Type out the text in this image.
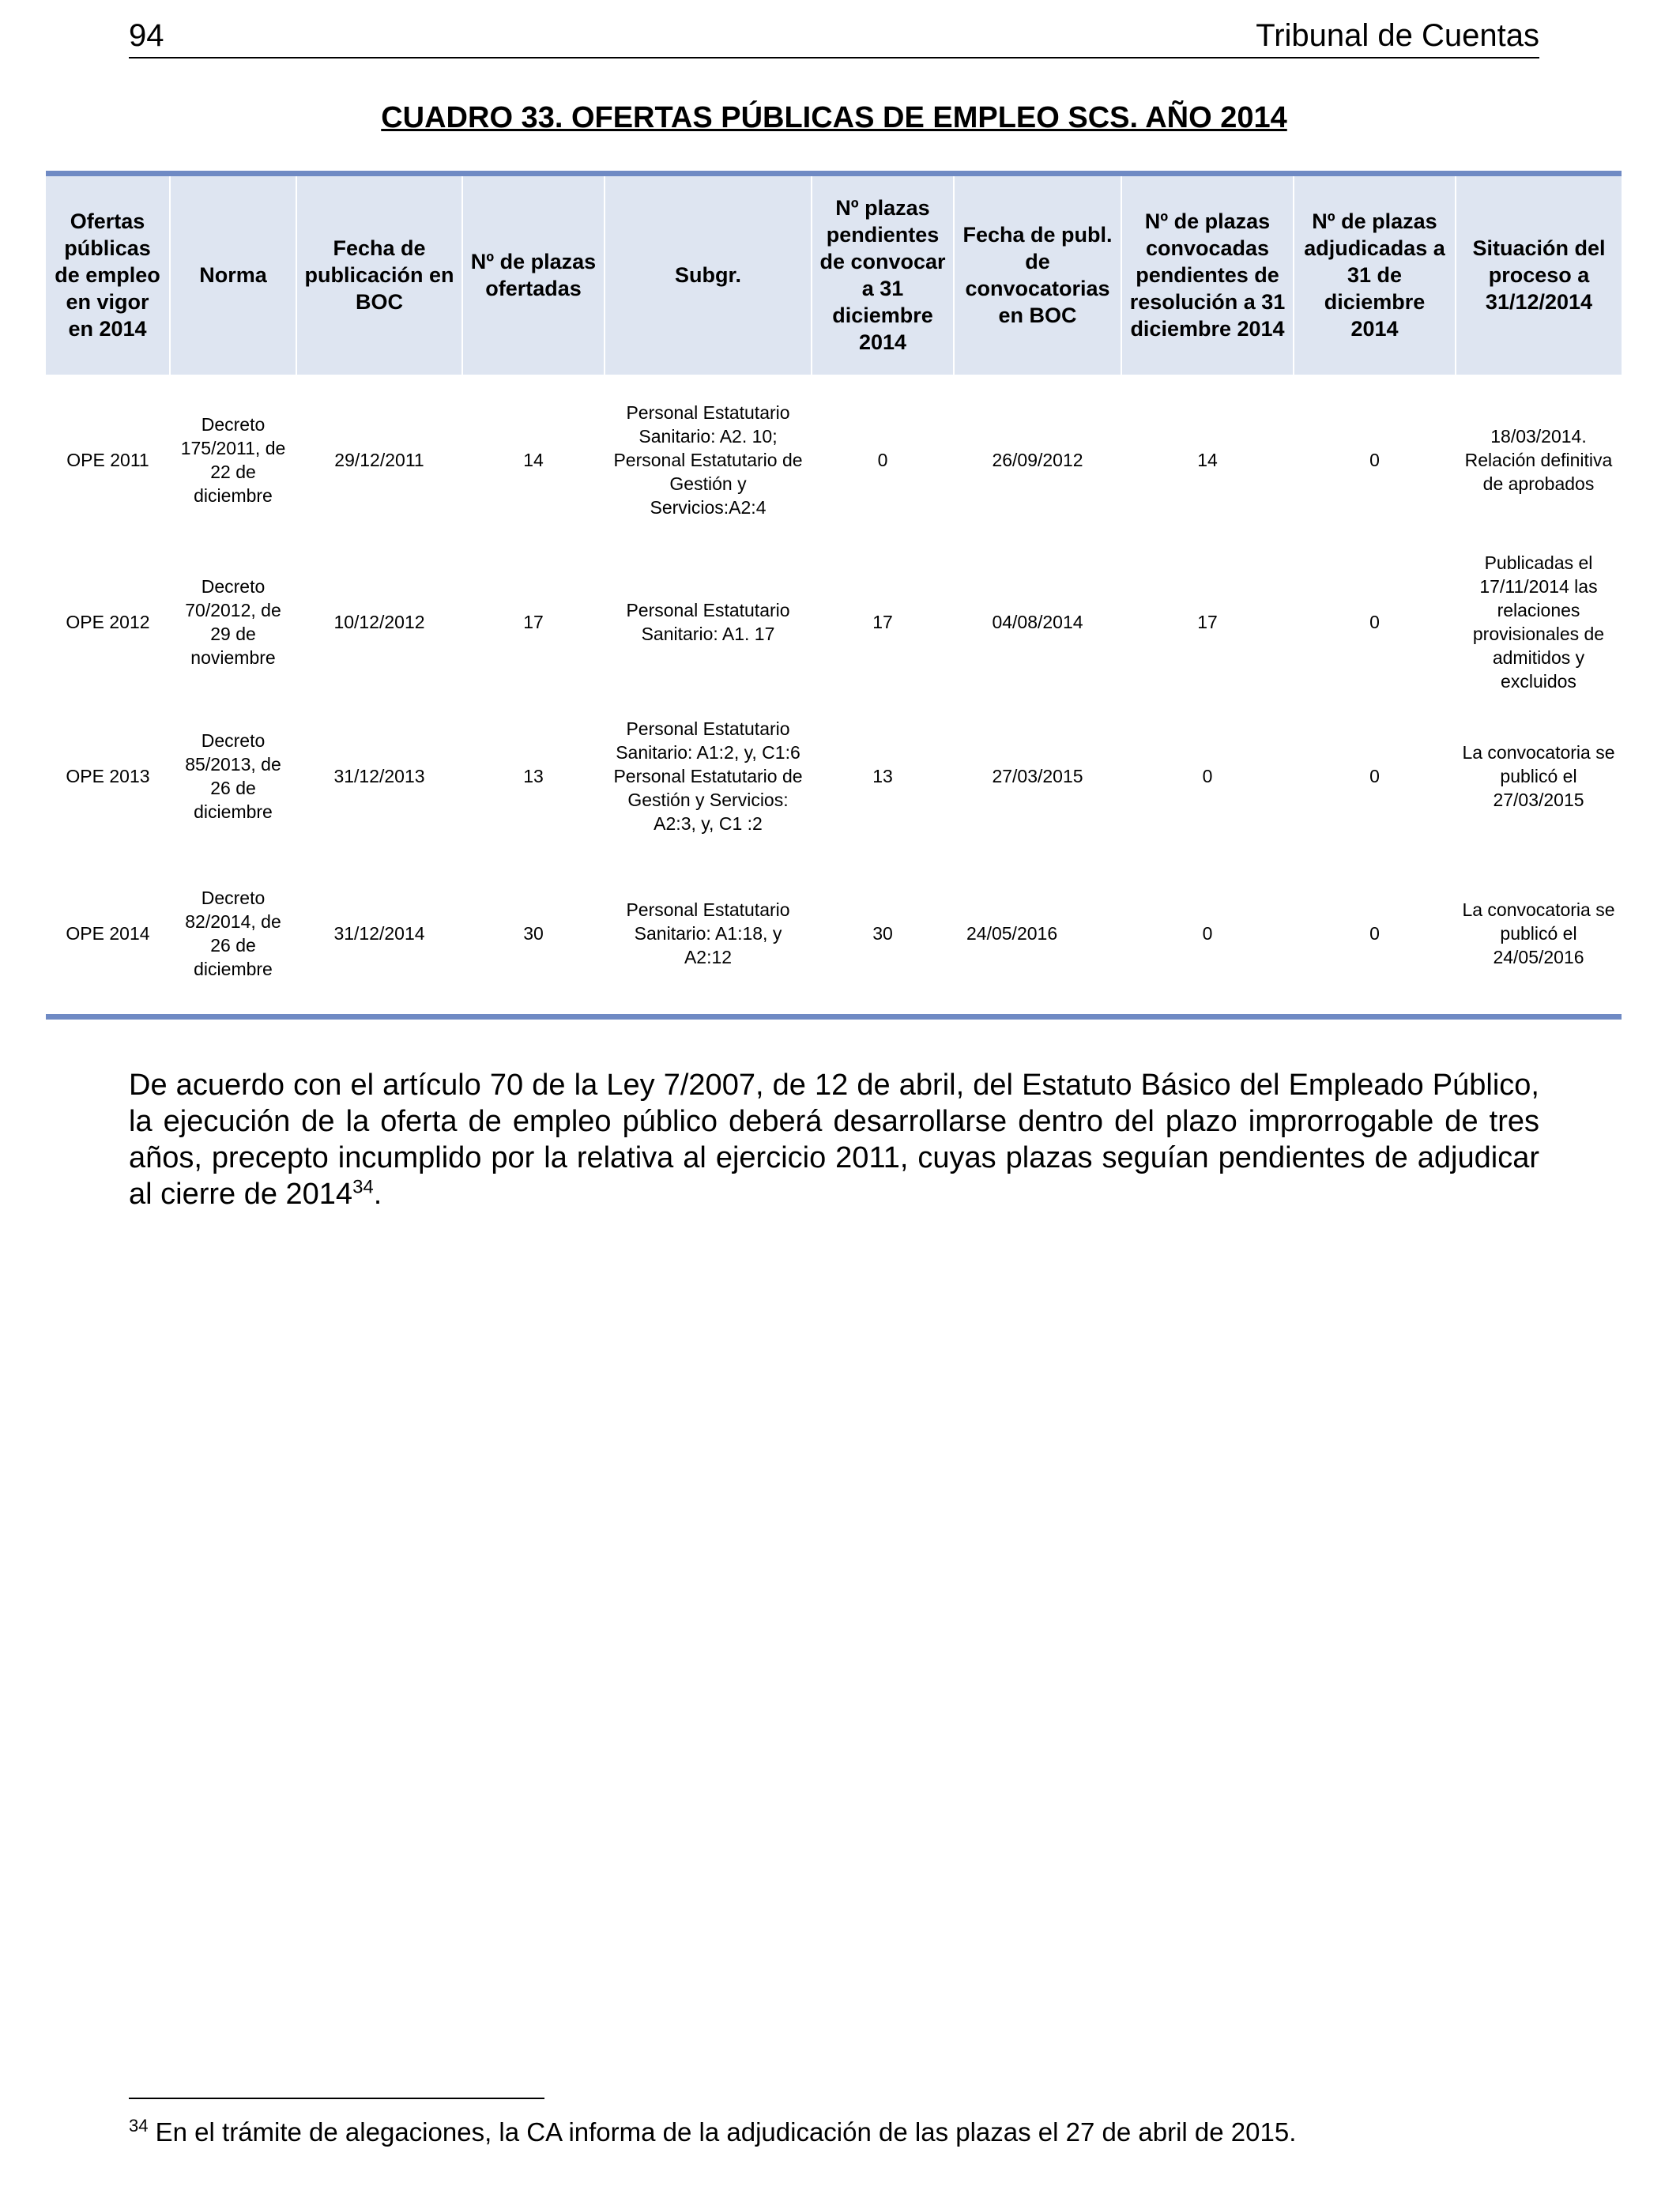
94	Tribunal de Cuentas
CUADRO 33. OFERTAS PÚBLICAS DE EMPLEO SCS. AÑO 2014
Ofertas públicas de empleo en vigor en 2014	Norma	Fecha de publicación en BOC	Nº de plazas ofertadas	Subgr.	Nº plazas pendientes de convocar a 31 diciembre 2014	Fecha de publ. de convocatorias en BOC	Nº de plazas convocadas pendientes de resolución a 31 diciembre 2014	Nº de plazas adjudicadas a 31 de diciembre 2014	Situación del proceso a 31/12/2014
OPE 2011	Decreto 175/2011, de 22 de diciembre	29/12/2011	14	Personal Estatutario Sanitario: A2. 10; Personal Estatutario de Gestión y Servicios:A2:4	0	26/09/2012	14	0	18/03/2014. Relación definitiva de aprobados
OPE 2012	Decreto 70/2012, de 29 de noviembre	10/12/2012	17	Personal Estatutario Sanitario: A1. 17	17	04/08/2014	17	0	Publicadas el 17/11/2014 las relaciones provisionales de admitidos y excluidos
OPE 2013	Decreto 85/2013, de 26 de diciembre	31/12/2013	13	Personal Estatutario Sanitario: A1:2, y, C1:6 Personal Estatutario de Gestión y Servicios: A2:3, y, C1 :2	13	27/03/2015	0	0	La convocatoria se publicó el 27/03/2015
OPE 2014	Decreto 82/2014, de 26 de diciembre	31/12/2014	30	Personal Estatutario Sanitario: A1:18, y A2:12	30	24/05/2016	0	0	La convocatoria se publicó el 24/05/2016

De acuerdo con el artículo 70 de la Ley 7/2007, de 12 de abril, del Estatuto Básico del Empleado Público, la ejecución de la oferta de empleo público deberá desarrollarse dentro del plazo improrrogable de tres años, precepto incumplido por la relativa al ejercicio 2011, cuyas plazas seguían pendientes de adjudicar al cierre de 2014$^{34}$.

$^{34}$ En el trámite de alegaciones, la CA informa de la adjudicación de las plazas el 27 de abril de 2015.
